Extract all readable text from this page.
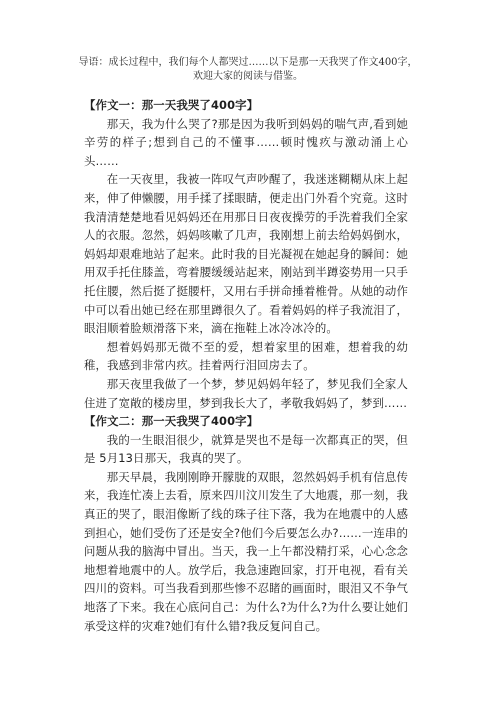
导语：成长过程中，我们每个人都哭过……以下是那一天我哭了作文400字，
欢迎大家的阅读与借鉴。

【作文一：那一天我哭了400字】

那天，我为什么哭了?那是因为我听到妈妈的喘气声,看到她辛劳的样子;想到自己的不懂事……顿时愧疚与激动涌上心头……

在一天夜里，我被一阵叹气声吵醒了，我迷迷糊糊从床上起来，伸了伸懒腰，用手揉了揉眼睛，便走出门外看个究竟。这时我清清楚楚地看见妈妈还在用那日日夜夜操劳的手洗着我们全家人的衣服。忽然，妈妈咳嗽了几声，我刚想上前去给妈妈倒水，妈妈却艰难地站了起来。此时我的目光凝视在她起身的瞬间：她用双手托住膝盖，弯着腰缓缓站起来，刚站到半蹲姿势用一只手托住腰，然后挺了挺腰杆，又用右手拼命捶着椎骨。从她的动作中可以看出她已经在那里蹲很久了。看着妈妈的样子我流泪了，眼泪顺着脸颊滑落下来，滴在拖鞋上冰冷冰冷的。

想着妈妈那无微不至的爱，想着家里的困难，想着我的幼稚，我感到非常内疚。挂着两行泪回房去了。

那天夜里我做了一个梦，梦见妈妈年轻了，梦见我们全家人住进了宽敞的楼房里，梦到我长大了，孝敬我妈妈了，梦到……

【作文二：那一天我哭了400字】

我的一生眼泪很少，就算是哭也不是每一次都真正的哭，但是 5月13日那天，我真的哭了。

那天早晨，我刚刚睁开朦胧的双眼，忽然妈妈手机有信息传来，我连忙凑上去看，原来四川汶川发生了大地震，那一刻，我真正的哭了，眼泪像断了线的珠子往下落，我为在地震中的人感到担心，她们受伤了还是安全?他们今后要怎么办?……一连串的问题从我的脑海中冒出。当天，我一上午都没精打采，心心念念地想着地震中的人。放学后，我急速跑回家，打开电视，看有关四川的资料。可当我看到那些惨不忍睹的画面时，眼泪又不争气地落了下来。我在心底问自己：为什么?为什么?为什么要让她们承受这样的灾难?她们有什么错?我反复问自己。
